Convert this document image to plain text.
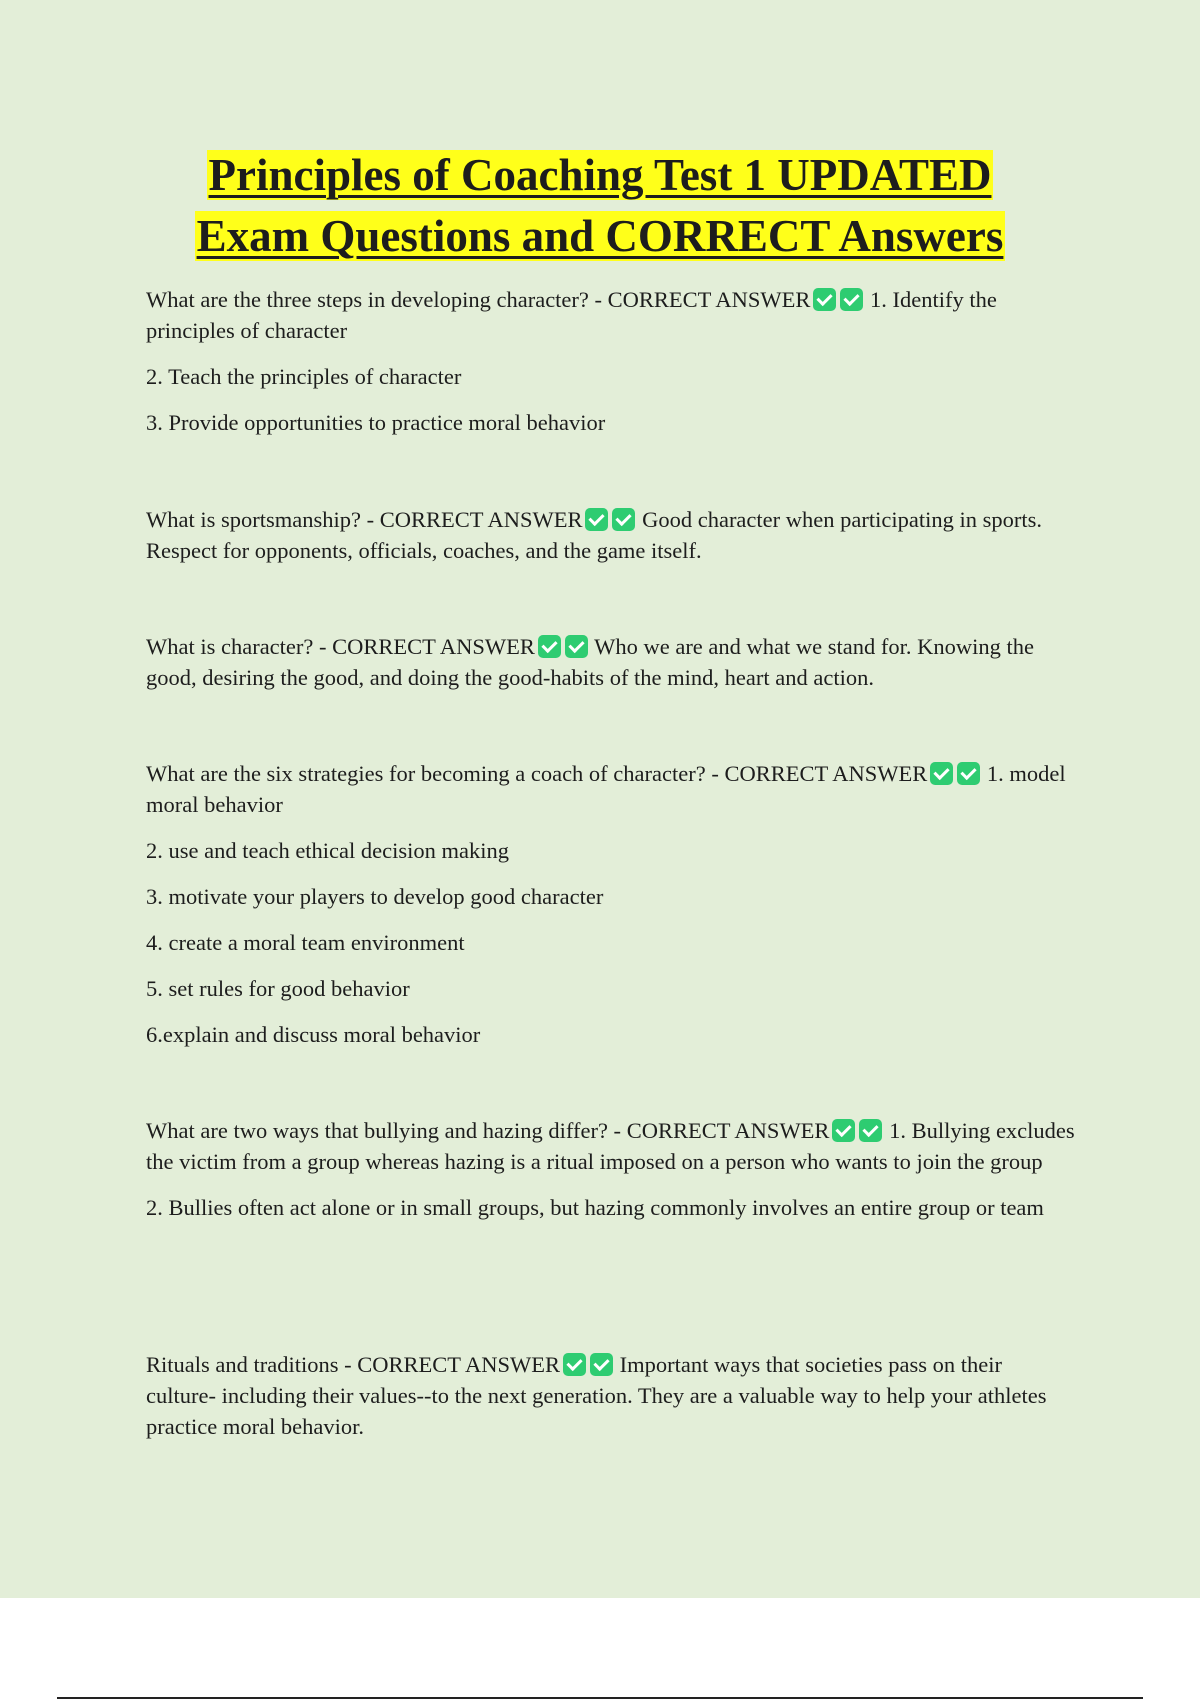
Principles of Coaching Test 1 UPDATED
Exam Questions and CORRECT Answers

What are the three steps in developing character? - CORRECT ANSWER	1. Identify the principles of character

2. Teach the principles of character

3. Provide opportunities to practice moral behavior

What is sportsmanship? - CORRECT ANSWER	Good character when participating in sports. Respect for opponents, officials, coaches, and the game itself.

What is character? - CORRECT ANSWER	Who we are and what we stand for. Knowing the good, desiring the good, and doing the good-habits of the mind, heart and action.

What are the six strategies for becoming a coach of character? - CORRECT ANSWER	1. model moral behavior

2. use and teach ethical decision making

3. motivate your players to develop good character

4. create a moral team environment

5. set rules for good behavior

6.explain and discuss moral behavior

What are two ways that bullying and hazing differ? - CORRECT ANSWER	1. Bullying excludes the victim from a group whereas hazing is a ritual imposed on a person who wants to join the group

2. Bullies often act alone or in small groups, but hazing commonly involves an entire group or team

Rituals and traditions - CORRECT ANSWER	Important ways that societies pass on their culture- including their values--to the next generation. They are a valuable way to help your athletes practice moral behavior.
